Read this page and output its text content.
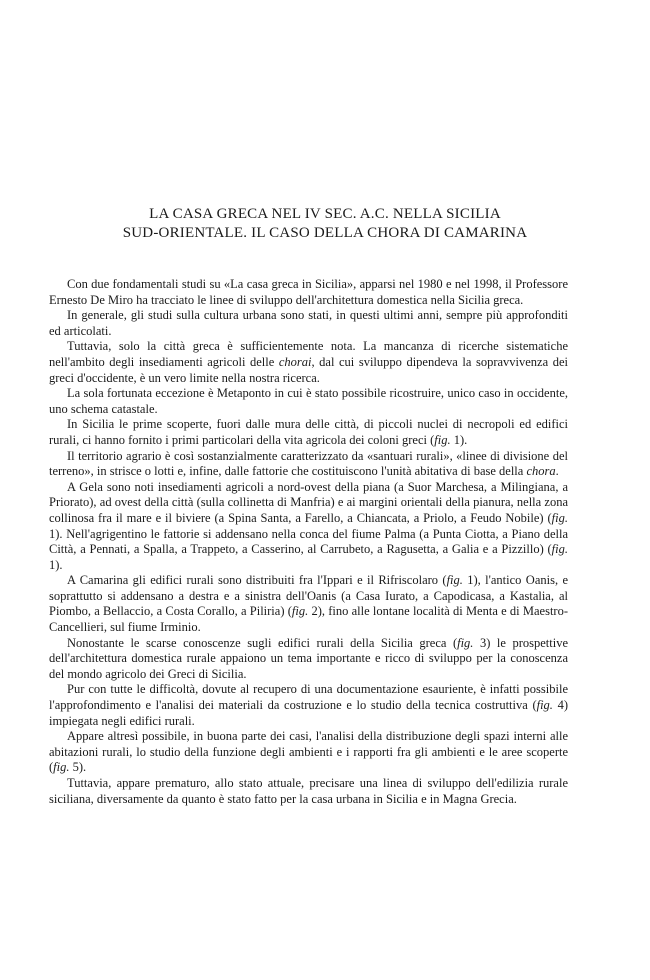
LA CASA GRECA NEL IV SEC. A.C. NELLA SICILIA
SUD-ORIENTALE. IL CASO DELLA CHORA DI CAMARINA

Con due fondamentali studi su «La casa greca in Sicilia», apparsi nel 1980 e nel 1998, il Professore Ernesto De Miro ha tracciato le linee di sviluppo dell'architettura domestica nella Sicilia greca.

In generale, gli studi sulla cultura urbana sono stati, in questi ultimi anni, sempre più approfonditi ed articolati.

Tuttavia, solo la città greca è sufficientemente nota. La mancanza di ricerche sistematiche nell'ambito degli insediamenti agricoli delle chorai, dal cui sviluppo dipendeva la sopravvivenza dei greci d'occidente, è un vero limite nella nostra ricerca.

La sola fortunata eccezione è Metaponto in cui è stato possibile ricostruire, unico caso in occidente, uno schema catastale.

In Sicilia le prime scoperte, fuori dalle mura delle città, di piccoli nuclei di necropoli ed edifici rurali, ci hanno fornito i primi particolari della vita agricola dei coloni greci (fig. 1).

Il territorio agrario è così sostanzialmente caratterizzato da «santuari rurali», «linee di divisione del terreno», in strisce o lotti e, infine, dalle fattorie che costituiscono l'unità abitativa di base della chora.

A Gela sono noti insediamenti agricoli a nord-ovest della piana (a Suor Marchesa, a Milingiana, a Priorato), ad ovest della città (sulla collinetta di Manfria) e ai margini orientali della pianura, nella zona collinosa fra il mare e il biviere (a Spina Santa, a Farello, a Chiancata, a Priolo, a Feudo Nobile) (fig. 1). Nell'agrigentino le fattorie si addensano nella conca del fiume Palma (a Punta Ciotta, a Piano della Città, a Pennati, a Spalla, a Trappeto, a Casserino, al Carrubeto, a Ragusetta, a Galia e a Pizzillo) (fig. 1).

A Camarina gli edifici rurali sono distribuiti fra l'Ippari e il Rifriscolaro (fig. 1), l'antico Oanis, e soprattutto si addensano a destra e a sinistra dell'Oanis (a Casa Iurato, a Capodicasa, a Kastalia, al Piombo, a Bellaccio, a Costa Corallo, a Piliria) (fig. 2), fino alle lontane località di Menta e di Maestro-Cancellieri, sul fiume Irminio.

Nonostante le scarse conoscenze sugli edifici rurali della Sicilia greca (fig. 3) le prospettive dell'architettura domestica rurale appaiono un tema importante e ricco di sviluppo per la conoscenza del mondo agricolo dei Greci di Sicilia.

Pur con tutte le difficoltà, dovute al recupero di una documentazione esauriente, è infatti possibile l'approfondimento e l'analisi dei materiali da costruzione e lo studio della tecnica costruttiva (fig. 4) impiegata negli edifici rurali.

Appare altresì possibile, in buona parte dei casi, l'analisi della distribuzione degli spazi interni alle abitazioni rurali, lo studio della funzione degli ambienti e i rapporti fra gli ambienti e le aree scoperte (fig. 5).

Tuttavia, appare prematuro, allo stato attuale, precisare una linea di sviluppo dell'edilizia rurale siciliana, diversamente da quanto è stato fatto per la casa urbana in Sicilia e in Magna Grecia.
